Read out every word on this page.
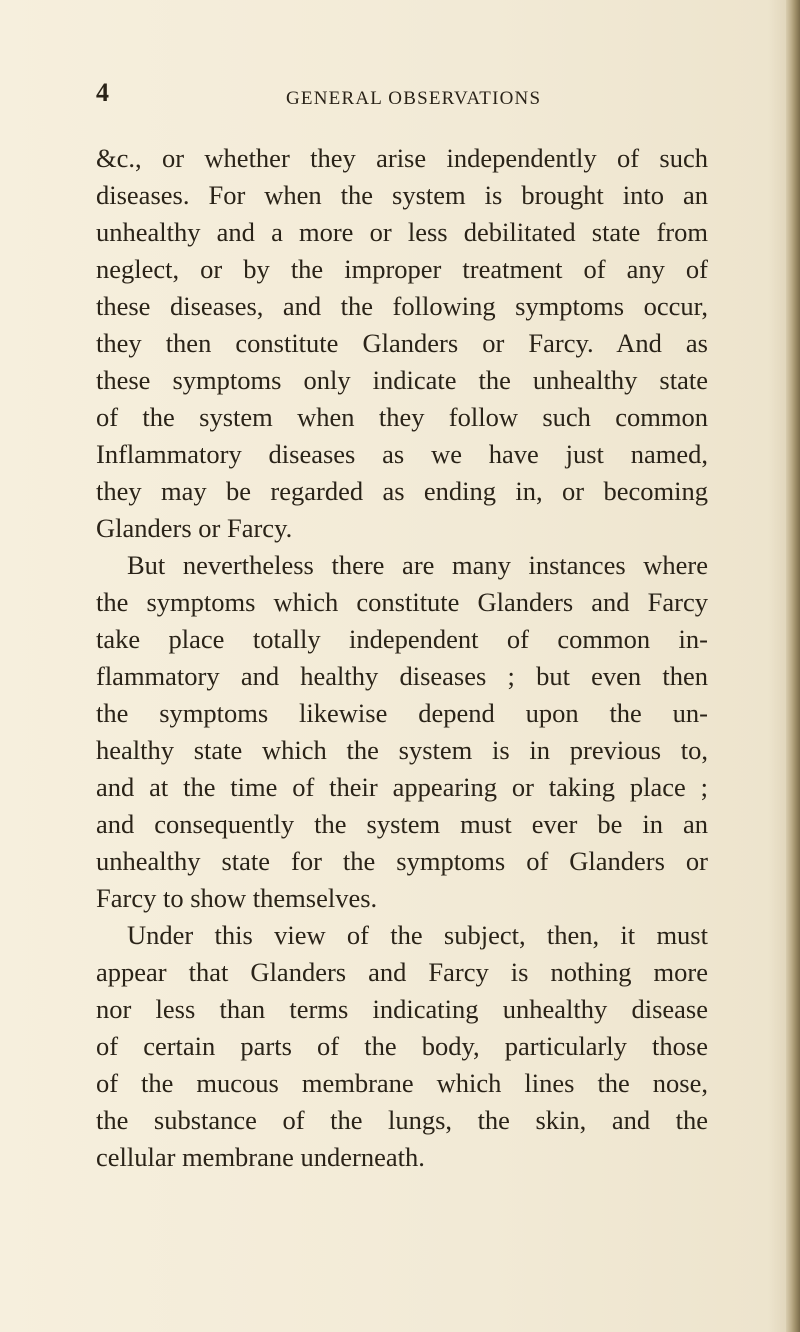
4	GENERAL OBSERVATIONS
&c., or whether they arise independently of such
diseases. For when the system is brought into an
unhealthy and a more or less debilitated state from
neglect, or by the improper treatment of any of
these diseases, and the following symptoms occur,
they then constitute Glanders or Farcy. And as
these symptoms only indicate the unhealthy state
of the system when they follow such common
Inflammatory diseases as we have just named,
they may be regarded as ending in, or becoming
Glanders or Farcy.
But nevertheless there are many instances where
the symptoms which constitute Glanders and Farcy
take place totally independent of common in-
flammatory and healthy diseases ; but even then
the symptoms likewise depend upon the un-
healthy state which the system is in previous to,
and at the time of their appearing or taking place ;
and consequently the system must ever be in an
unhealthy state for the symptoms of Glanders or
Farcy to show themselves.
Under this view of the subject, then, it must
appear that Glanders and Farcy is nothing more
nor less than terms indicating unhealthy disease
of certain parts of the body, particularly those
of the mucous membrane which lines the nose,
the substance of the lungs, the skin, and the
cellular membrane underneath.
